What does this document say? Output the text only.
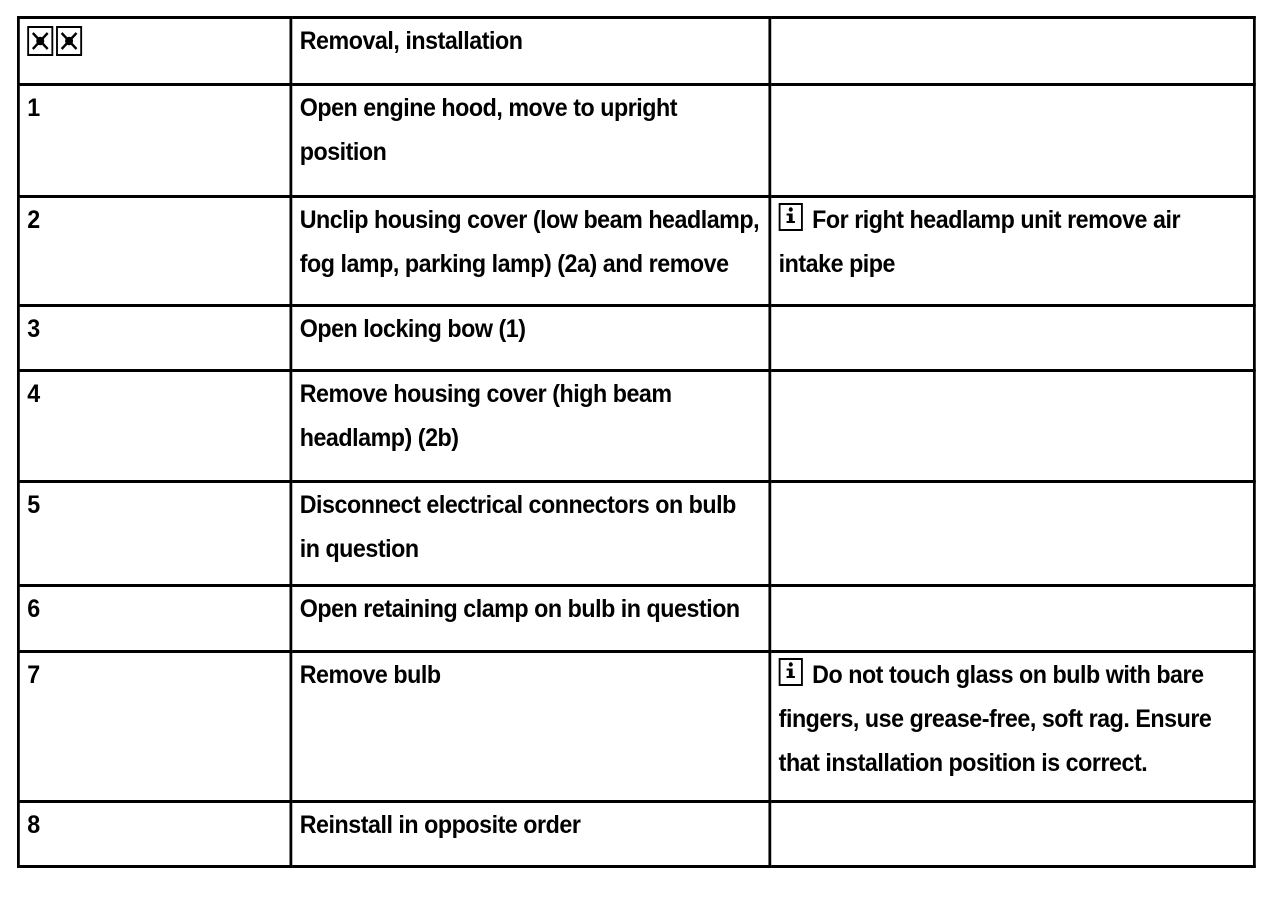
	Removal, installation	
1	Open engine hood, move to upright position	
2	Unclip housing cover (low beam headlamp, fog lamp, parking lamp) (2a) and remove	For right headlamp unit remove air intake pipe
3	Open locking bow (1)	
4	Remove housing cover (high beam headlamp) (2b)	
5	Disconnect electrical connectors on bulb in question	
6	Open retaining clamp on bulb in question	
7	Remove bulb	Do not touch glass on bulb with bare fingers, use grease-free, soft rag. Ensure that installation position is correct.
8	Reinstall in opposite order	
